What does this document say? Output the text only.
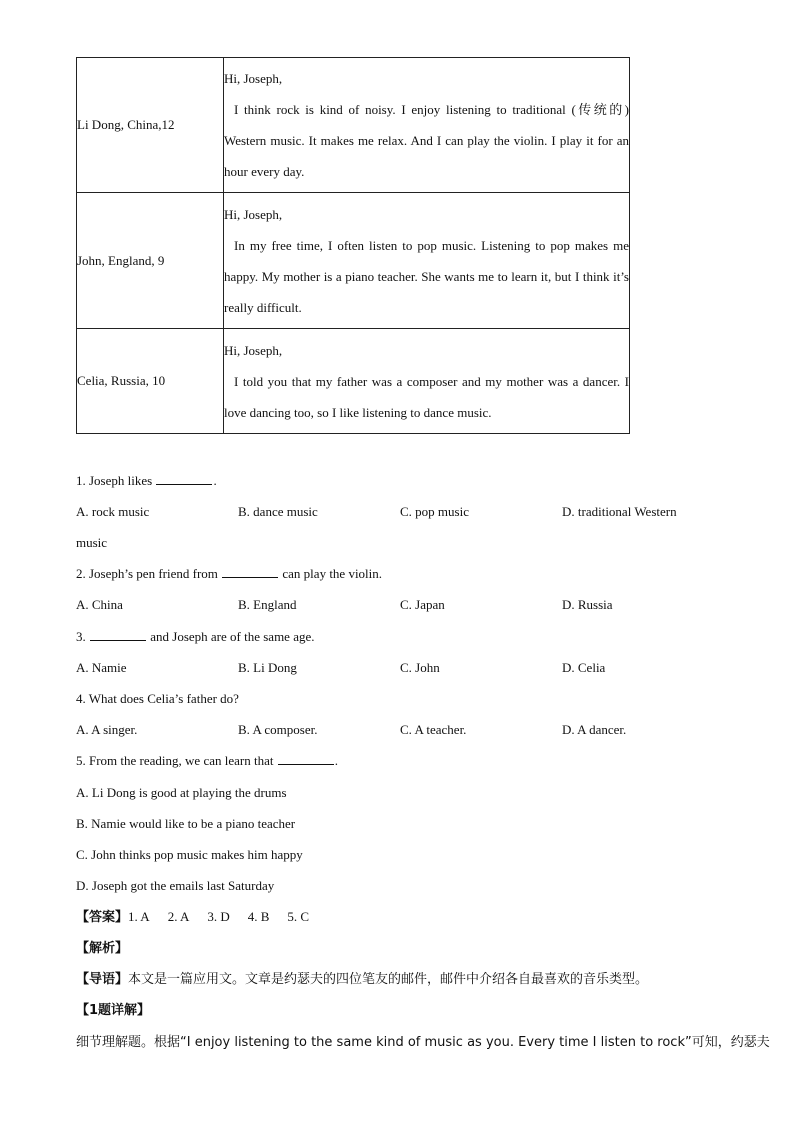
Li Dong, China,12	Hi, Joseph,

I think rock is kind of noisy. I enjoy listening to traditional (传统的) Western music. It makes me relax. And I can play the violin. I play it for an hour every day.

John, England, 9	Hi, Joseph,

In my free time, I often listen to pop music. Listening to pop makes me happy. My mother is a piano teacher. She wants me to learn it, but I think it’s really difficult.

Celia, Russia, 10	Hi, Joseph,

I told you that my father was a composer and my mother was a dancer. I love dancing too, so I like listening to dance music.

1. Joseph likes	.
A. rock music	B. dance music	C. pop music	D. traditional Western
music
2. Joseph’s pen friend from	can play the violin.
A. China	B. England	C. Japan	D. Russia
3.	and Joseph are of the same age.
A. Namie	B. Li Dong	C. John	D. Celia
4. What does Celia’s father do?
A. A singer.	B. A composer.	C. A teacher.	D. A dancer.
5. From the reading, we can learn that	.
A. Li Dong is good at playing the drums
B. Namie would like to be a piano teacher
C. John thinks pop music makes him happy
D. Joseph got the emails last Saturday
【答案】1. A 2. A 3. D 4. B 5. C
【解析】
【导语】本文是一篇应用文。文章是约瑟夫的四位笔友的邮件，邮件中介绍各自最喜欢的音乐类型。
【1题详解】
细节理解题。根据“I enjoy listening to the same kind of music as you. Every time I listen to rock”可知，约瑟夫
